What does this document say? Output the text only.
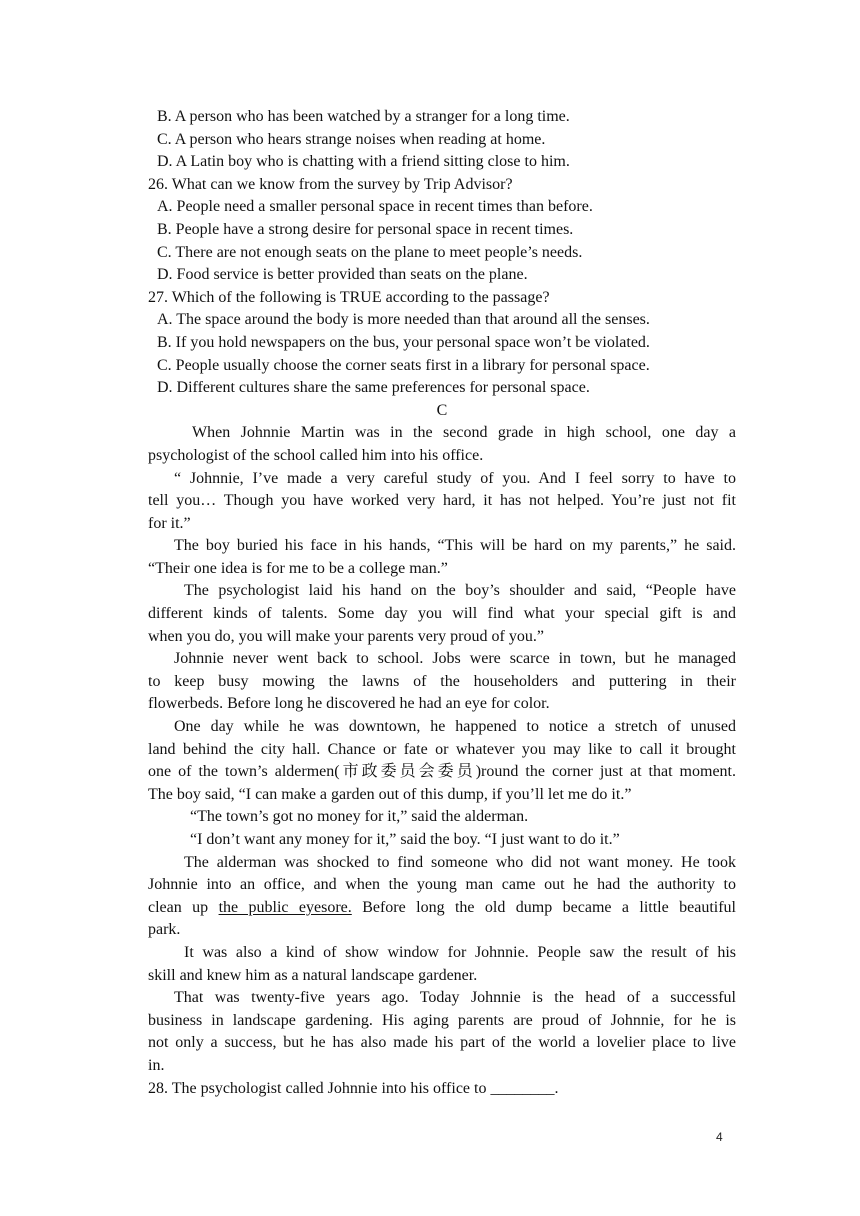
B. A person who has been watched by a stranger for a long time.
C. A person who hears strange noises when reading at home.
D. A Latin boy who is chatting with a friend sitting close to him.
26. What can we know from the survey by Trip Advisor?
A. People need a smaller personal space in recent times than before.
B. People have a strong desire for personal space in recent times.
C. There are not enough seats on the plane to meet people’s needs.
D. Food service is better provided than seats on the plane.
27. Which of the following is TRUE according to the passage?
A. The space around the body is more needed than that around all the senses.
B. If you hold newspapers on the bus, your personal space won’t be violated.
C. People usually choose the corner seats first in a library for personal space.
D. Different cultures share the same preferences for personal space.
C
When Johnnie Martin was in the second grade in high school, one day a
psychologist of the school called him into his office.
“ Johnnie, I’ve made a very careful study of you. And I feel sorry to have to
tell you… Though you have worked very hard, it has not helped. You’re just not fit
for it.”
The boy buried his face in his hands, “This will be hard on my parents,” he said.
“Their one idea is for me to be a college man.”
The psychologist laid his hand on the boy’s shoulder and said, “People have
different kinds of talents. Some day you will find what your special gift is and
when you do, you will make your parents very proud of you.”
Johnnie never went back to school. Jobs were scarce in town, but he managed
to keep busy mowing the lawns of the householders and puttering in their
flowerbeds. Before long he discovered he had an eye for color.
One day while he was downtown, he happened to notice a stretch of unused
land behind the city hall. Chance or fate or whatever you may like to call it brought
one of the town’s aldermen(市政委员会委员)round the corner just at that moment.
The boy said, “I can make a garden out of this dump, if you’ll let me do it.”
“The town’s got no money for it,” said the alderman.
“I don’t want any money for it,” said the boy. “I just want to do it.”
The alderman was shocked to find someone who did not want money. He took
Johnnie into an office, and when the young man came out he had the authority to
clean up the public eyesore. Before long the old dump became a little beautiful
park.
It was also a kind of show window for Johnnie. People saw the result of his
skill and knew him as a natural landscape gardener.
That was twenty-five years ago. Today Johnnie is the head of a successful
business in landscape gardening. His aging parents are proud of Johnnie, for he is
not only a success, but he has also made his part of the world a lovelier place to live
in.
28. The psychologist called Johnnie into his office to ________.
4
